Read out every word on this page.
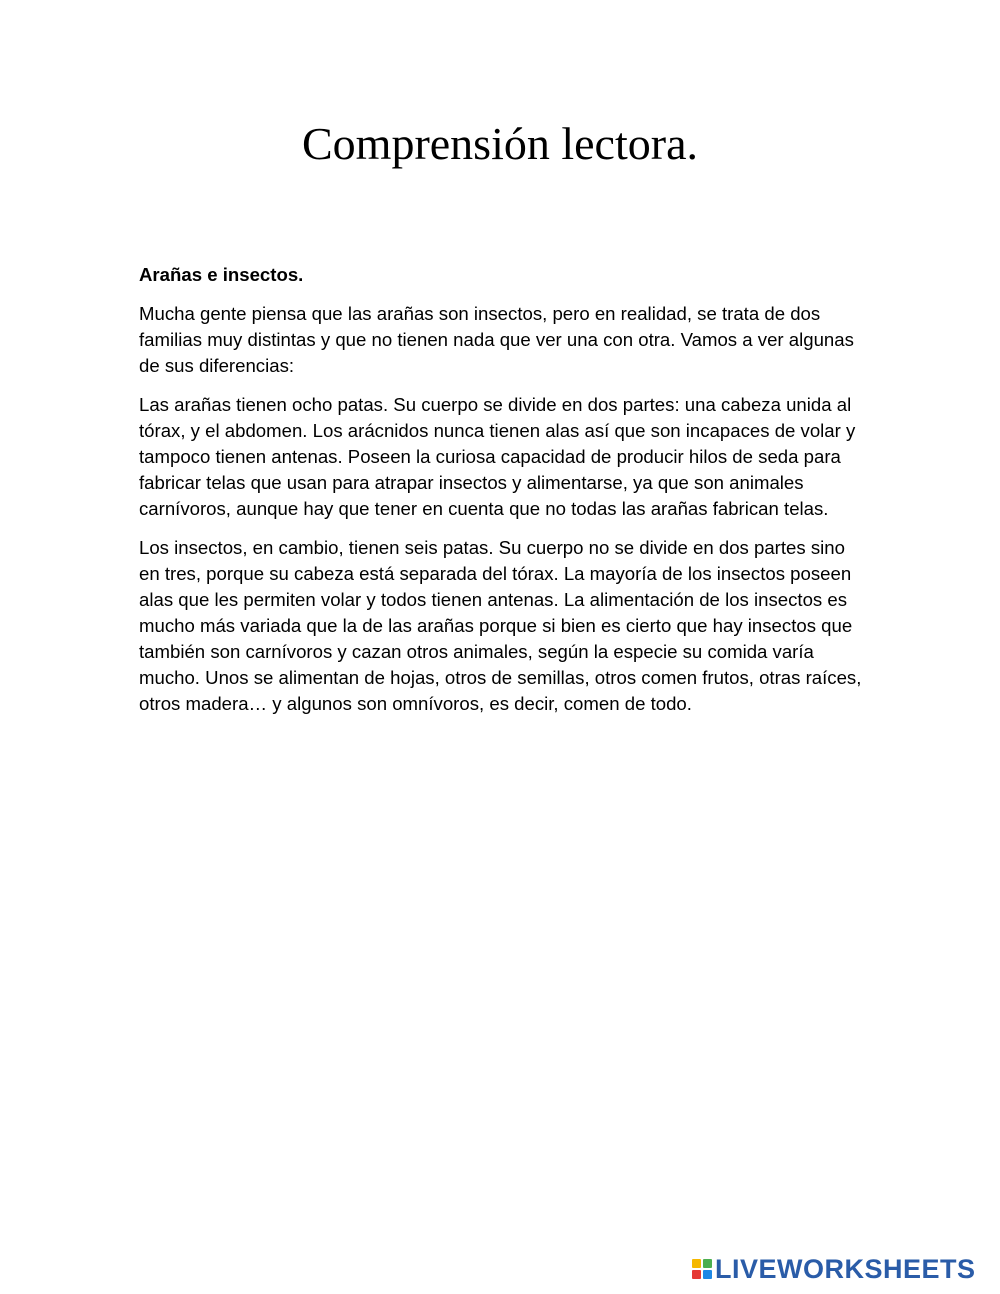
Comprensión lectora.
Arañas e insectos.

Mucha gente piensa que las arañas son insectos, pero en realidad, se trata de dos familias muy distintas y que no tienen nada que ver una con otra. Vamos a ver algunas de sus diferencias:

Las arañas tienen ocho patas. Su cuerpo se divide en dos partes: una cabeza unida al tórax, y el abdomen. Los arácnidos nunca tienen alas así que son incapaces de volar y tampoco tienen antenas. Poseen la curiosa capacidad de producir hilos de seda para fabricar telas que usan para atrapar insectos y alimentarse, ya que son animales carnívoros, aunque hay que tener en cuenta que no todas las arañas fabrican telas.

Los insectos, en cambio, tienen seis patas. Su cuerpo no se divide en dos partes sino en tres, porque su cabeza está separada del tórax. La mayoría de los insectos poseen alas que les permiten volar y todos tienen antenas. La alimentación de los insectos es mucho más variada que la de las arañas porque si bien es cierto que hay insectos que también son carnívoros y cazan otros animales, según la especie su comida varía mucho. Unos se alimentan de hojas, otros de semillas, otros comen frutos, otras raíces, otros madera… y algunos son omnívoros, es decir, comen de todo.

LIVEWORKSHEETS
